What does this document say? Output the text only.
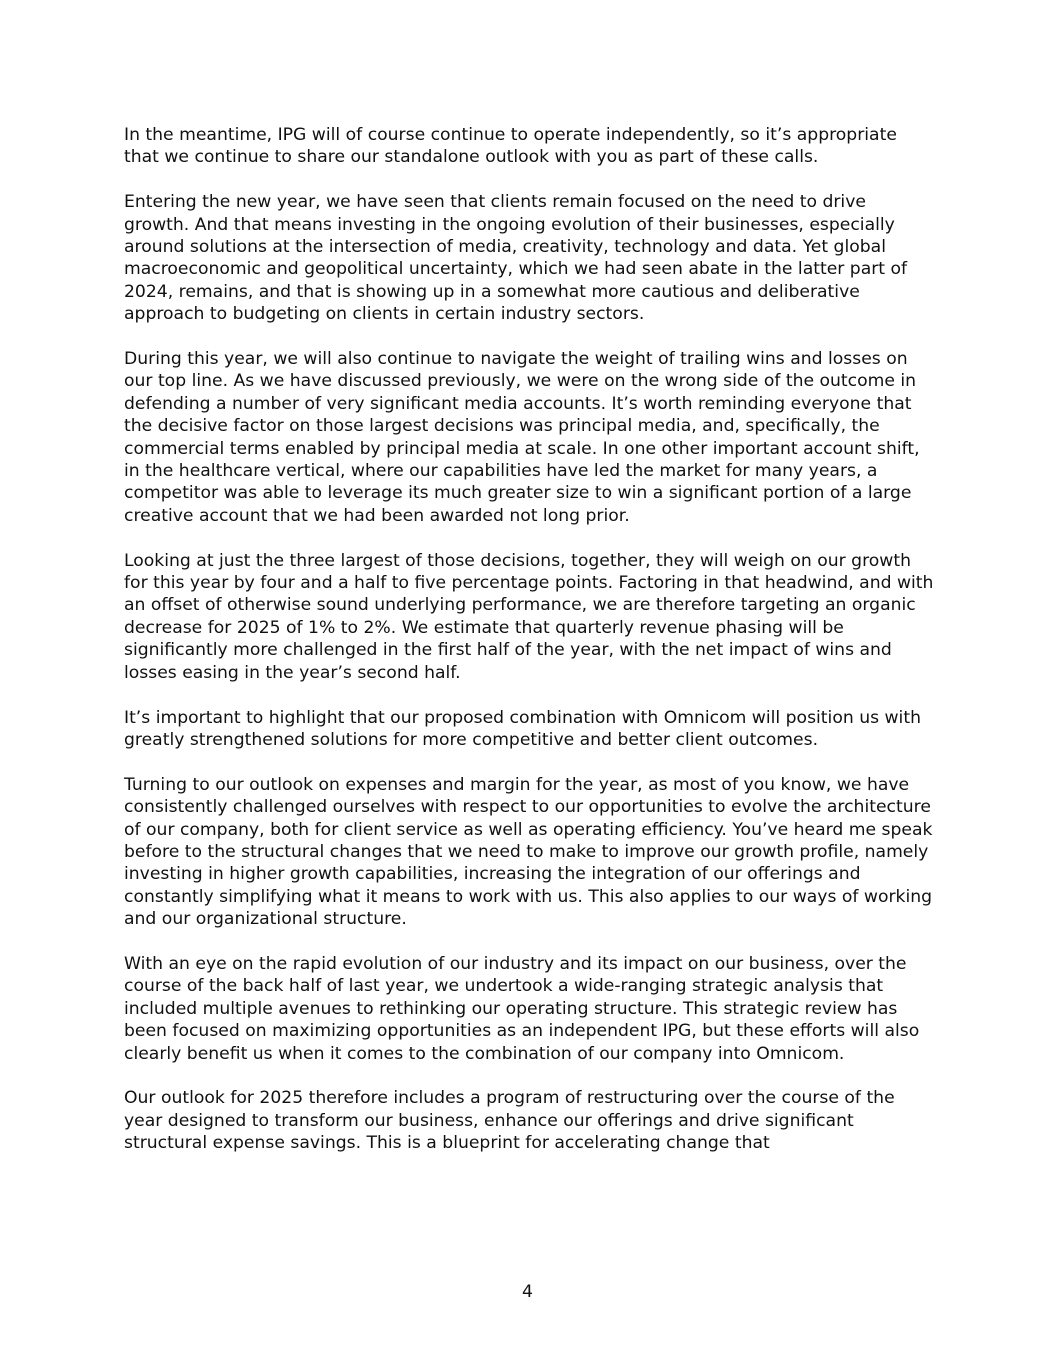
In the meantime, IPG will of course continue to operate independently, so it’s appropriate that we continue to share our standalone outlook with you as part of these calls.

Entering the new year, we have seen that clients remain focused on the need to drive growth. And that means investing in the ongoing evolution of their businesses, especially around solutions at the intersection of media, creativity, technology and data. Yet global macroeconomic and geopolitical uncertainty, which we had seen abate in the latter part of 2024, remains, and that is showing up in a somewhat more cautious and deliberative approach to budgeting on clients in certain industry sectors.

During this year, we will also continue to navigate the weight of trailing wins and losses on our top line. As we have discussed previously, we were on the wrong side of the outcome in defending a number of very significant media accounts. It’s worth reminding everyone that the decisive factor on those largest decisions was principal media, and, specifically, the commercial terms enabled by principal media at scale. In one other important account shift, in the healthcare vertical, where our capabilities have led the market for many years, a competitor was able to leverage its much greater size to win a significant portion of a large creative account that we had been awarded not long prior.

Looking at just the three largest of those decisions, together, they will weigh on our growth for this year by four and a half to five percentage points. Factoring in that headwind, and with an offset of otherwise sound underlying performance, we are therefore targeting an organic decrease for 2025 of 1% to 2%. We estimate that quarterly revenue phasing will be significantly more challenged in the first half of the year, with the net impact of wins and losses easing in the year’s second half.

It’s important to highlight that our proposed combination with Omnicom will position us with greatly strengthened solutions for more competitive and better client outcomes.

Turning to our outlook on expenses and margin for the year, as most of you know, we have consistently challenged ourselves with respect to our opportunities to evolve the architecture of our company, both for client service as well as operating efficiency. You’ve heard me speak before to the structural changes that we need to make to improve our growth profile, namely investing in higher growth capabilities, increasing the integration of our offerings and constantly simplifying what it means to work with us. This also applies to our ways of working and our organizational structure.

With an eye on the rapid evolution of our industry and its impact on our business, over the course of the back half of last year, we undertook a wide-ranging strategic analysis that included multiple avenues to rethinking our operating structure. This strategic review has been focused on maximizing opportunities as an independent IPG, but these efforts will also clearly benefit us when it comes to the combination of our company into Omnicom.

Our outlook for 2025 therefore includes a program of restructuring over the course of the year designed to transform our business, enhance our offerings and drive significant structural expense savings. This is a blueprint for accelerating change that

4
